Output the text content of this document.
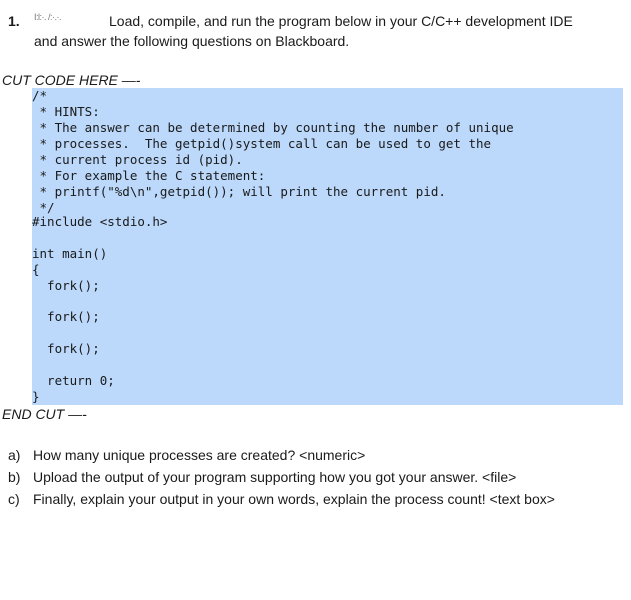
1. I:l:·. /:·.·.	Load, compile, and run the program below in your C/C++ development IDE
and answer the following questions on Blackboard.
CUT CODE HERE —-
/*
* HINTS:
* The answer can be determined by counting the number of unique
* processes.  The getpid()system call can be used to get the
* current process id (pid).
* For example the C statement:
* printf("%d\n",getpid()); will print the current pid.
*/
#include <stdio.h>
int main()
{
fork();
fork();
fork();
return 0;
}
END CUT —-
a) How many unique processes are created? <numeric>
b) Upload the output of your program supporting how you got your answer. <file>
c) Finally, explain your output in your own words, explain the process count! <text box>
